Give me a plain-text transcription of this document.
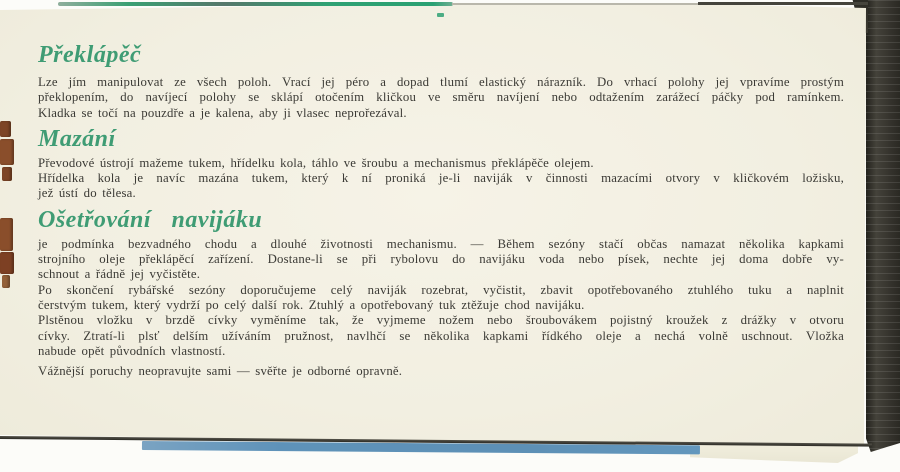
Překlápěč
Lze jím manipulovat ze všech poloh. Vrací jej péro a dopad tlumí elastický nárazník. Do vrhací polohy jej vpravíme prostým
překlopením, do navíjecí polohy se sklápí otočením kličkou ve směru navíjení nebo odtažením zarážecí páčky pod ramínkem.
Kladka se točí na pouzdře a je kalena, aby ji vlasec neprořezával.
Mazání
Převodové ústrojí mažeme tukem, hřídelku kola, táhlo ve šroubu a mechanismus překlápěče olejem.
Hřídelka kola je navíc mazána tukem, který k ní proniká je-li naviják v činnosti mazacími otvory v kličkovém ložisku,
jež ústí do tělesa.
Ošetřování navijáku
je podmínka bezvadného chodu a dlouhé životnosti mechanismu. — Během sezóny stačí občas namazat několika kapkami
strojního oleje překlápěcí zařízení. Dostane-li se při rybolovu do navijáku voda nebo písek, nechte jej doma dobře vy-
schnout a řádně jej vyčistěte.
Po skončení rybářské sezóny doporučujeme celý naviják rozebrat, vyčistit, zbavit opotřebovaného ztuhlého tuku a naplnit
čerstvým tukem, který vydrží po celý další rok. Ztuhlý a opotřebovaný tuk ztěžuje chod navijáku.
Plstěnou vložku v brzdě cívky vyměníme tak, že vyjmeme nožem nebo šroubovákem pojistný kroužek z drážky v otvoru
cívky. Ztratí-li plsť delším užíváním pružnost, navlhčí se několika kapkami řídkého oleje a nechá volně uschnout. Vložka
nabude opět původních vlastností.
Vážnější poruchy neopravujte sami — svěřte je odborné opravně.
